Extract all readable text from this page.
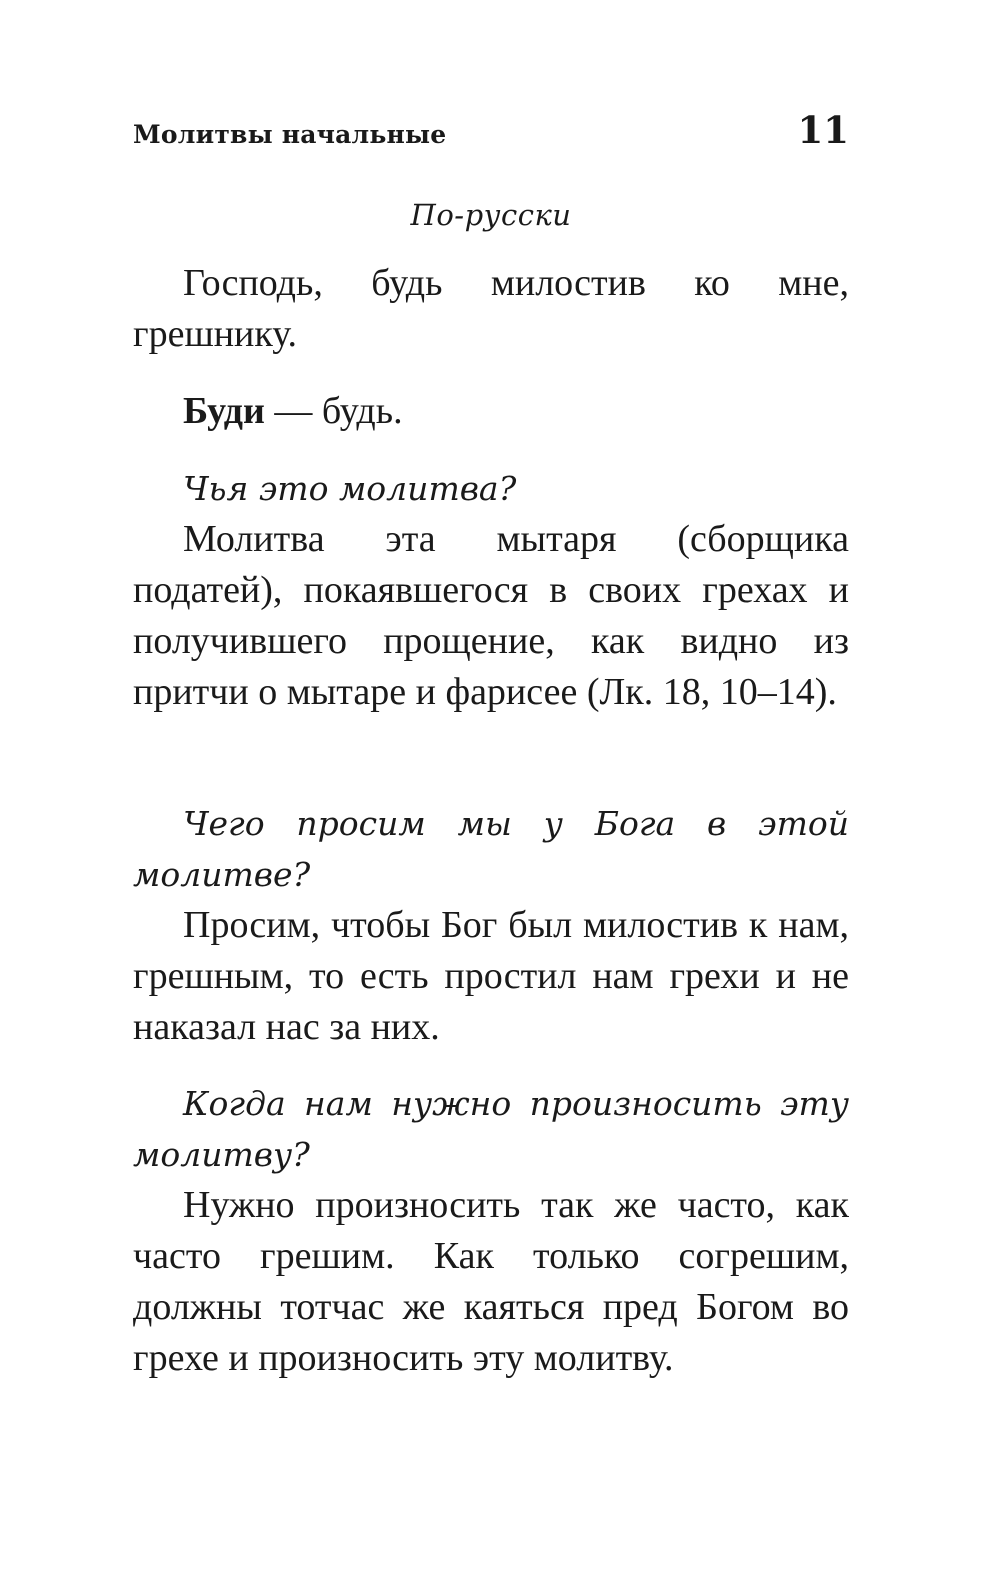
Молитвы начальные	11
По-русски

Господь, будь милостив ко мне, грешнику.

Буди — будь.

Чья это молитва?

Молитва эта мытаря (сборщика податей), покаявшегося в своих грехах и получившего прощение, как видно из притчи о мытаре и фарисее (Лк. 18, 10–14).

Чего просим мы у Бога в этой молитве?

Просим, чтобы Бог был милостив к нам, грешным, то есть простил нам грехи и не наказал нас за них.

Когда нам нужно произносить эту молитву?

Нужно произносить так же часто, как часто грешим. Как только согрешим, должны тотчас же каяться пред Богом во грехе и произносить эту молитву.
